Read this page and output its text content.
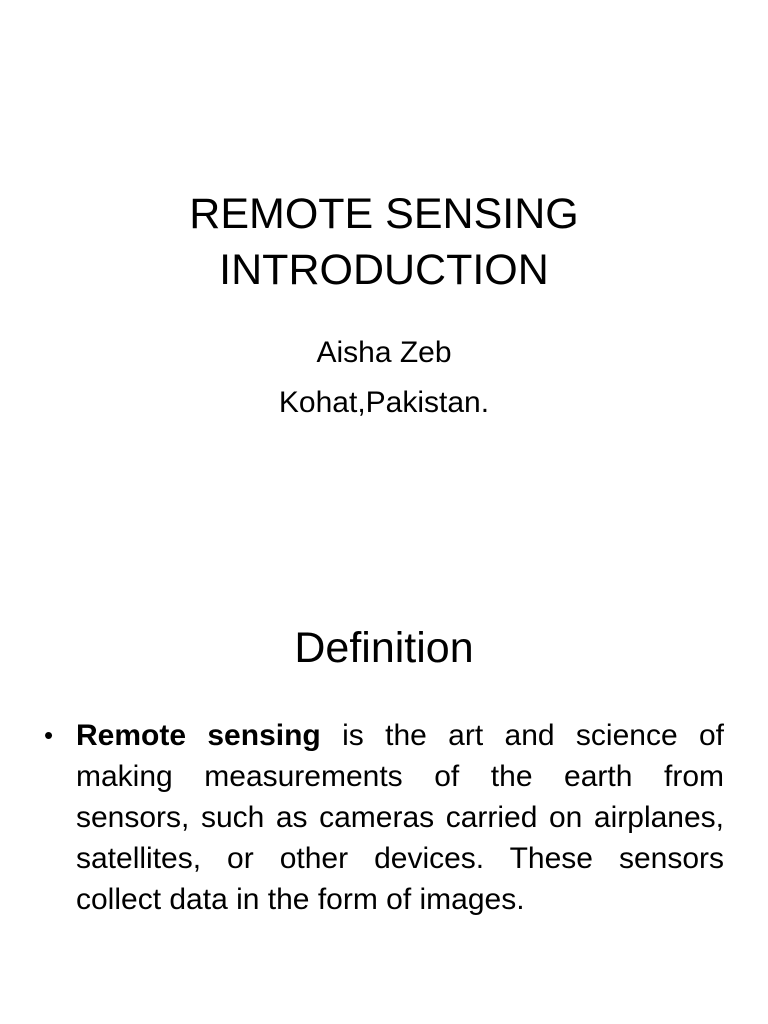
REMOTE SENSING
INTRODUCTION
Aisha Zeb
Kohat,Pakistan.
Definition
• Remote sensing is the art and science of making measurements of the earth from sensors, such as cameras carried on airplanes, satellites, or other devices. These sensors collect data in the form of images.
